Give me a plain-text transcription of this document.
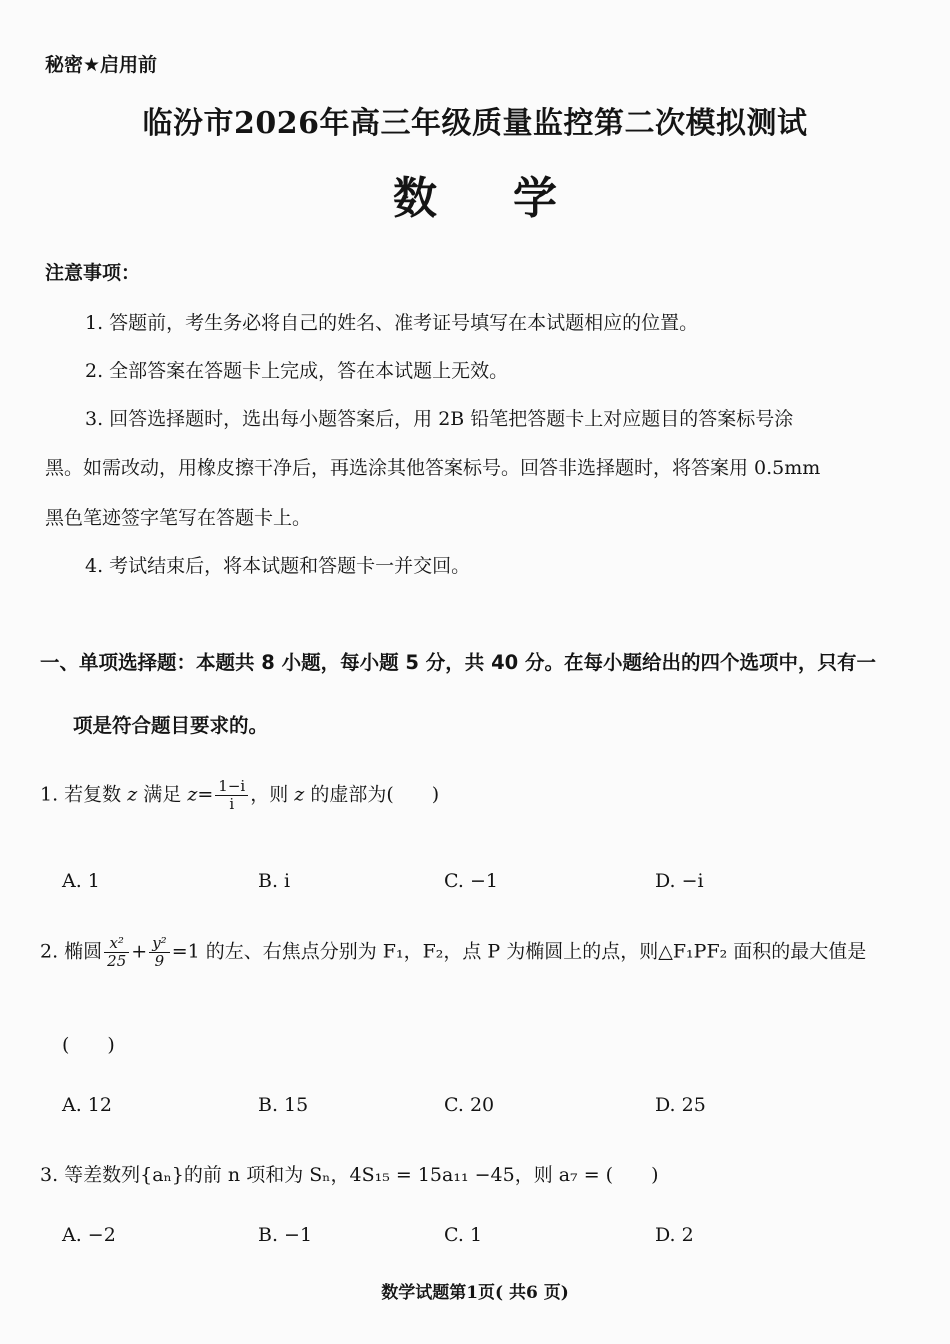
秘密★启用前
临汾市2026年高三年级质量监控第二次模拟测试
数 学
注意事项：
1. 答题前，考生务必将自己的姓名、准考证号填写在本试题相应的位置。
2. 全部答案在答题卡上完成，答在本试题上无效。
3. 回答选择题时，选出每小题答案后，用 2B 铅笔把答题卡上对应题目的答案标号涂
黑。如需改动，用橡皮擦干净后，再选涂其他答案标号。回答非选择题时，将答案用 0.5mm
黑色笔迹签字笔写在答题卡上。
4. 考试结束后，将本试题和答题卡一并交回。
一、单项选择题：本题共 8 小题，每小题 5 分，共 40 分。在每小题给出的四个选项中，只有一
项是符合题目要求的。
1. 若复数 z 满足 $z= \frac{1-i}{i}$ ，则 z 的虚部为(　　)
A. 1	B. i	C. −1	D. −i
2. 椭圆 $\frac{\text{x²}}{25} + \frac{\text{y²}}{9} =1$ 的左、右焦点分别为 F₁，F₂，点 P 为椭圆上的点，则△F₁PF₂ 面积的最大值是
(　　)
A. 12	B. 15	C. 20	D. 25
3. 等差数列{aₙ}的前 n 项和为 Sₙ，4S₁₅ = 15a₁₁ −45，则 a₇ = (　　)
A. −2	B. −1	C. 1	D. 2
数学试题第1页( 共6 页)
